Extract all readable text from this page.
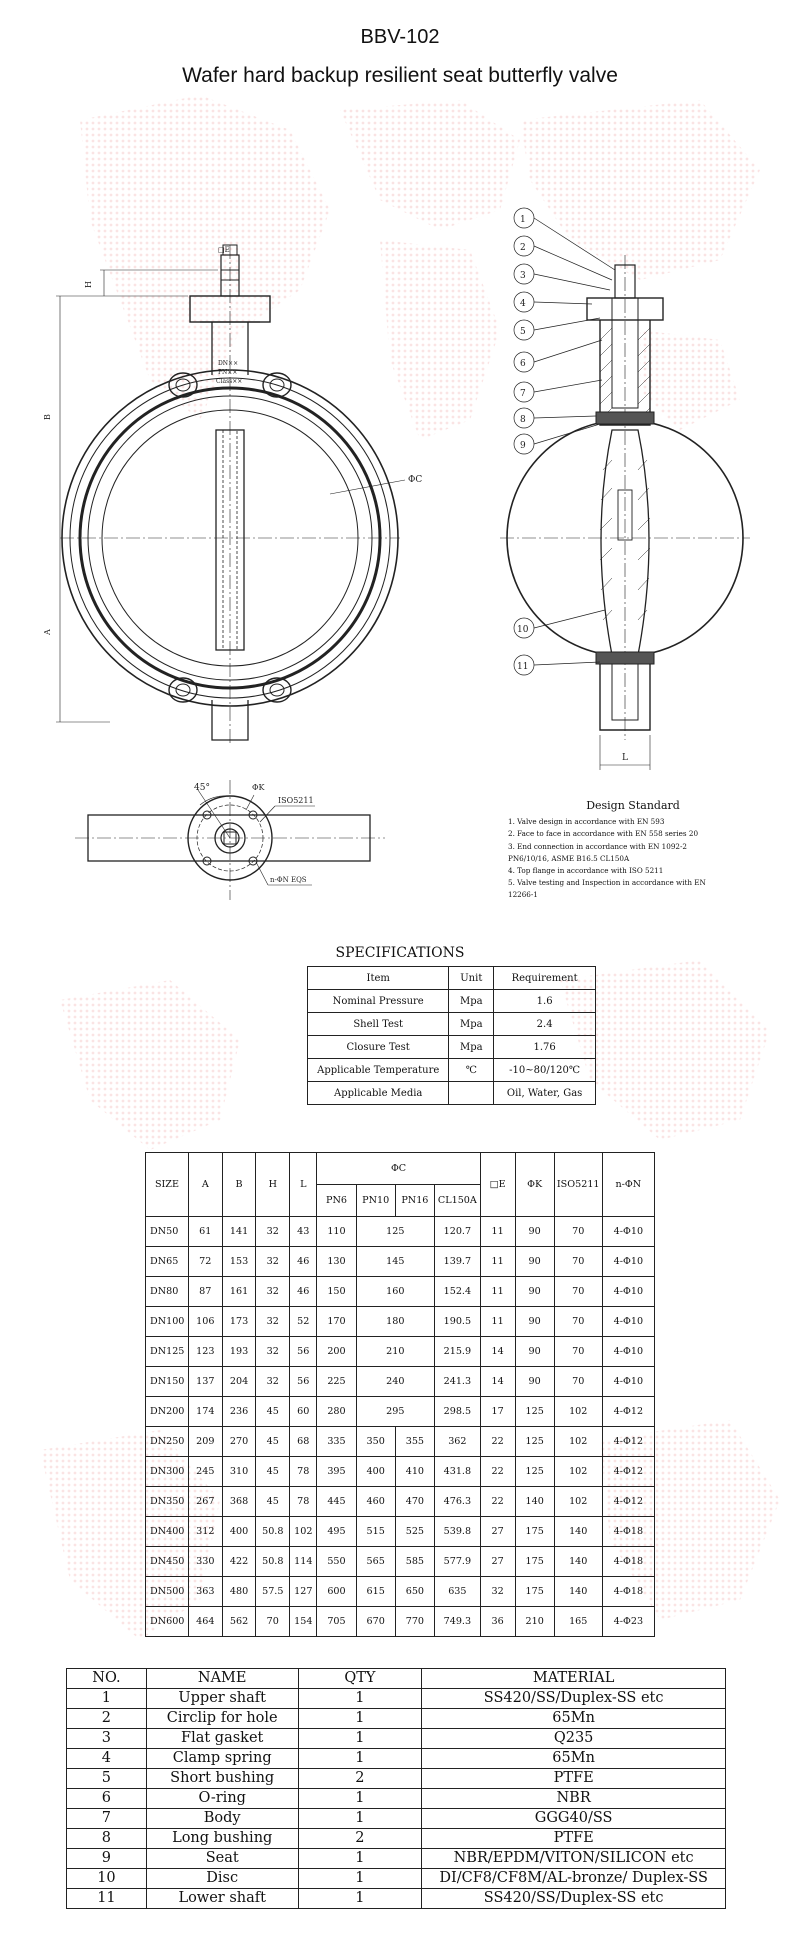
BBV-102
Wafer hard backup resilient seat butterfly valve
DN××
PN××
Class××
H
B
A
ΦC
□E
45°	ΦK
ISO5211
n-ΦN EQS
L
1
2
3
4
5
6
7
8
9
10
11
Design Standard
1. Valve design in accordance with EN 593
2. Face to face in accordance with EN 558 series 20
3. End connection in accordance with EN 1092-2
PN6/10/16, ASME B16.5 CL150A
4. Top flange in accordance with ISO 5211
5. Valve testing and Inspection in accordance with EN
12266-1
SPECIFICATIONS
Item	Unit	Requirement
Nominal Pressure	Mpa	1.6
Shell Test	Mpa	2.4
Closure Test	Mpa	1.76
Applicable Temperature	℃	-10~80/120℃
Applicable Media		Oil, Water, Gas
SIZE	A	B	H	L	ΦC				□E	ΦK	ISO5211	n-ΦN
					PN6	PN10	PN16	CL150A				
DN50	61	141	32	43	110	125		120.7	11	90	70	4-Φ10
DN65	72	153	32	46	130	145		139.7	11	90	70	4-Φ10
DN80	87	161	32	46	150	160		152.4	11	90	70	4-Φ10
DN100	106	173	32	52	170	180		190.5	11	90	70	4-Φ10
DN125	123	193	32	56	200	210		215.9	14	90	70	4-Φ10
DN150	137	204	32	56	225	240		241.3	14	90	70	4-Φ10
DN200	174	236	45	60	280	295		298.5	17	125	102	4-Φ12
DN250	209	270	45	68	335	350	355	362	22	125	102	4-Φ12
DN300	245	310	45	78	395	400	410	431.8	22	125	102	4-Φ12
DN350	267	368	45	78	445	460	470	476.3	22	140	102	4-Φ12
DN400	312	400	50.8	102	495	515	525	539.8	27	175	140	4-Φ18
DN450	330	422	50.8	114	550	565	585	577.9	27	175	140	4-Φ18
DN500	363	480	57.5	127	600	615	650	635	32	175	140	4-Φ18
DN600	464	562	70	154	705	670	770	749.3	36	210	165	4-Φ23
NO.	NAME	QTY	MATERIAL
1	Upper shaft	1	SS420/SS/Duplex-SS etc
2	Circlip for hole	1	65Mn
3	Flat gasket	1	Q235
4	Clamp spring	1	65Mn
5	Short bushing	2	PTFE
6	O-ring	1	NBR
7	Body	1	GGG40/SS
8	Long bushing	2	PTFE
9	Seat	1	NBR/EPDM/VITON/SILICON etc
10	Disc	1	DI/CF8/CF8M/AL-bronze/ Duplex-SS
11	Lower shaft	1	SS420/SS/Duplex-SS etc
